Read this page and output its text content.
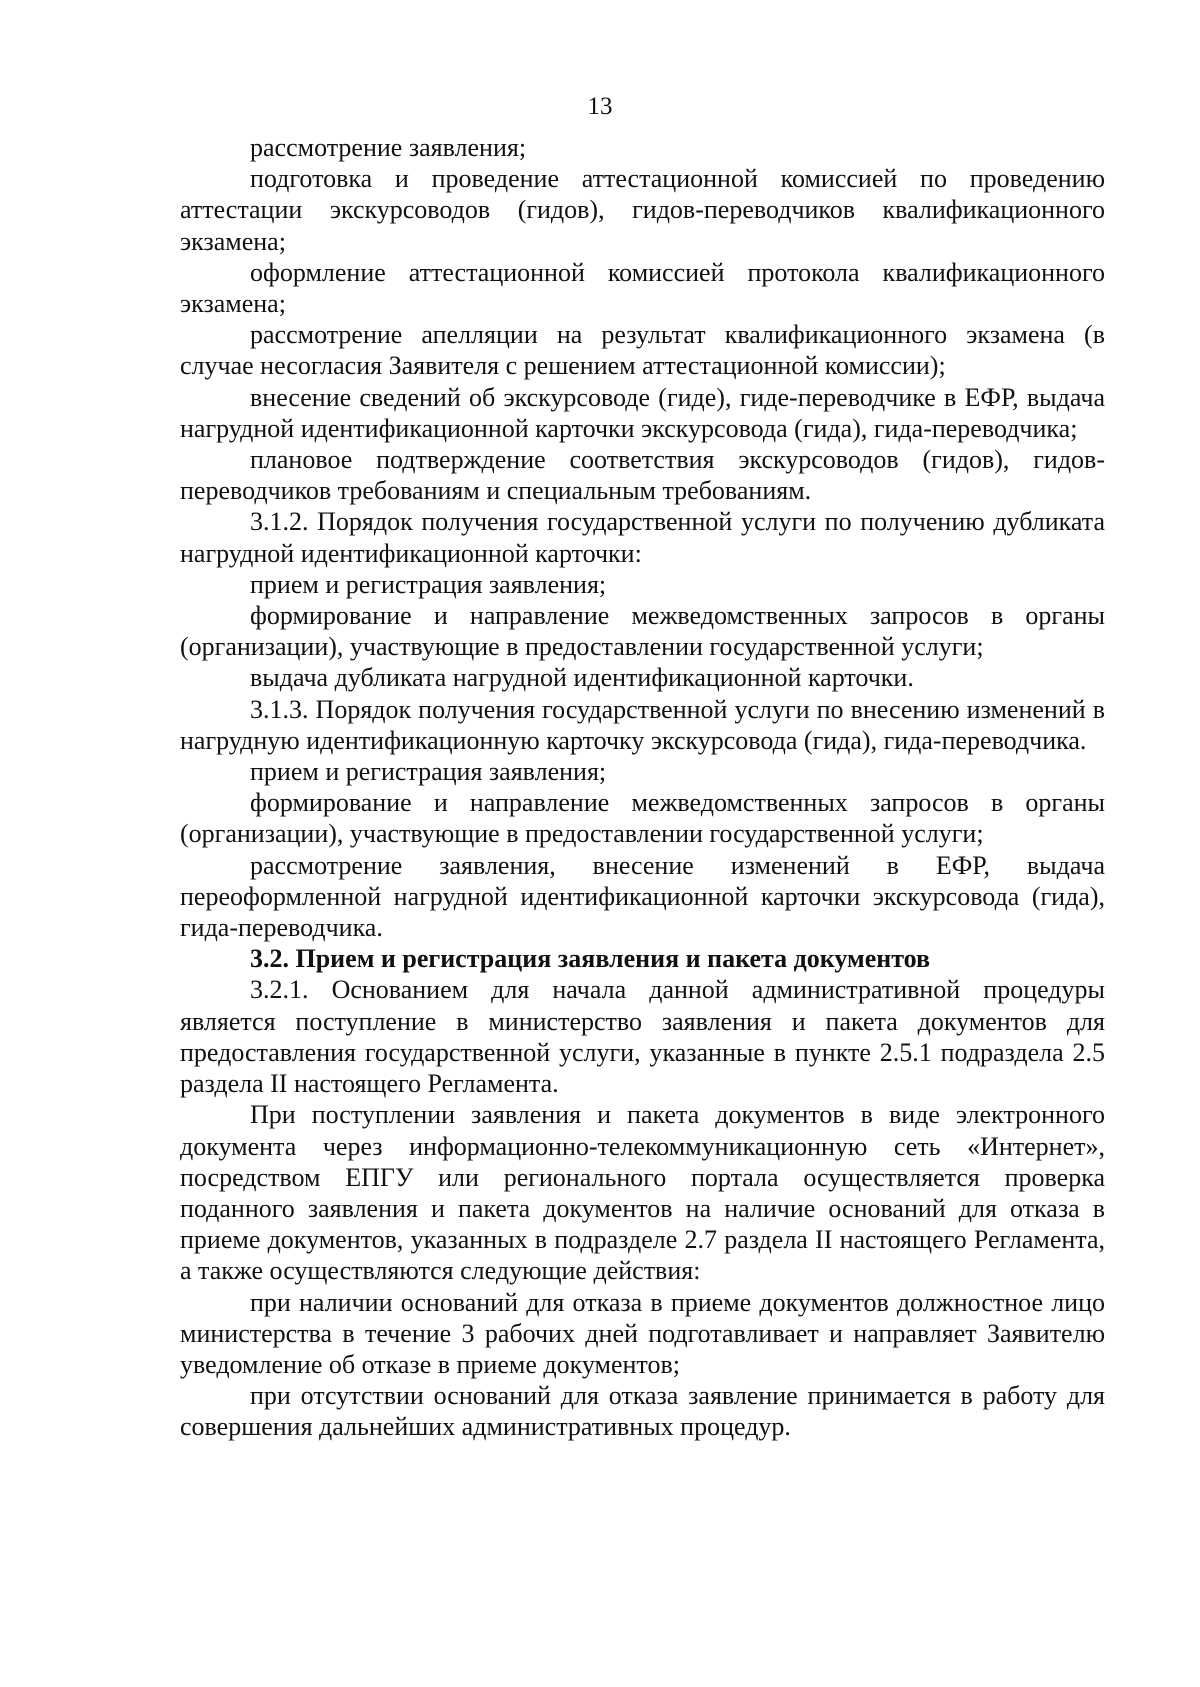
13

рассмотрение заявления;

подготовка и проведение аттестационной комиссией по проведению аттестации экскурсоводов (гидов), гидов-переводчиков квалификационного экзамена;

оформление аттестационной комиссией протокола квалификационного экзамена;

рассмотрение апелляции на результат квалификационного экзамена (в случае несогласия Заявителя с решением аттестационной комиссии);

внесение сведений об экскурсоводе (гиде), гиде-переводчике в ЕФР, выдача нагрудной идентификационной карточки экскурсовода (гида), гида-переводчика;

плановое подтверждение соответствия экскурсоводов (гидов), гидов-переводчиков требованиям и специальным требованиям.

3.1.2. Порядок получения государственной услуги по получению дубликата нагрудной идентификационной карточки:

прием и регистрация заявления;

формирование и направление межведомственных запросов в органы (организации), участвующие в предоставлении государственной услуги;

выдача дубликата нагрудной идентификационной карточки.

3.1.3. Порядок получения государственной услуги по внесению изменений в нагрудную идентификационную карточку экскурсовода (гида), гида-переводчика.

прием и регистрация заявления;

формирование и направление межведомственных запросов в органы (организации), участвующие в предоставлении государственной услуги;

рассмотрение заявления, внесение изменений в ЕФР, выдача переоформленной нагрудной идентификационной карточки экскурсовода (гида), гида-переводчика.

3.2. Прием и регистрация заявления и пакета документов

3.2.1. Основанием для начала данной административной процедуры является поступление в министерство заявления и пакета документов для предоставления государственной услуги, указанные в пункте 2.5.1 подраздела 2.5 раздела II настоящего Регламента.

При поступлении заявления и пакета документов в виде электронного документа через информационно-телекоммуникационную сеть «Интернет», посредством ЕПГУ или регионального портала осуществляется проверка поданного заявления и пакета документов на наличие оснований для отказа в приеме документов, указанных в подразделе 2.7 раздела II настоящего Регламента, а также осуществляются следующие действия:

при наличии оснований для отказа в приеме документов должностное лицо министерства в течение 3 рабочих дней подготавливает и направляет Заявителю уведомление об отказе в приеме документов;

при отсутствии оснований для отказа заявление принимается в работу для совершения дальнейших административных процедур.
